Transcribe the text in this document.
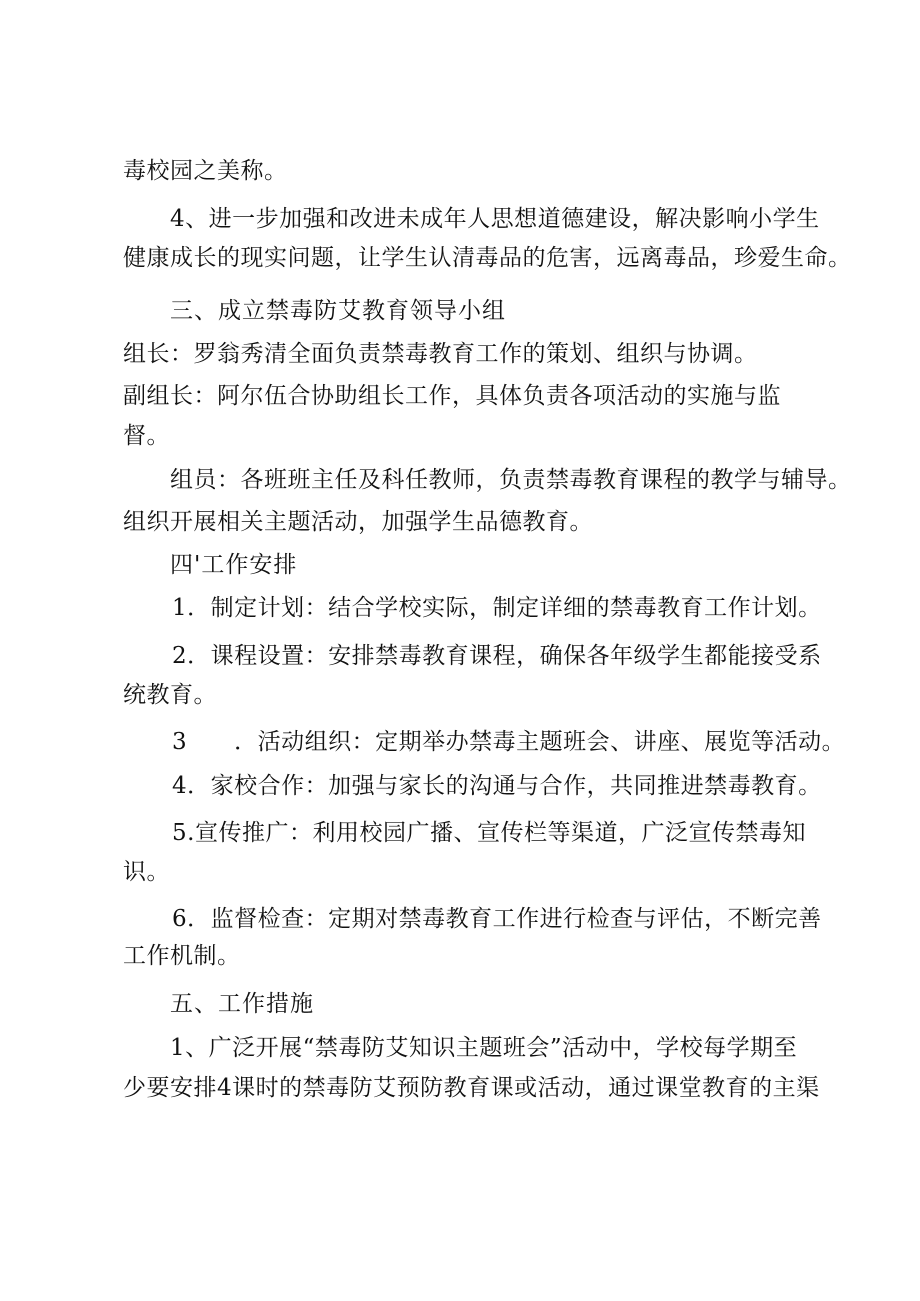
毒校园之美称。
4、进一步加强和改进未成年人思想道德建设，解决影响小学生
健康成长的现实问题，让学生认清毒品的危害，远离毒品，珍爱生命。
三、成立禁毒防艾教育领导小组
组长：罗翁秀清全面负责禁毒教育工作的策划、组织与协调。
副组长：阿尔伍合协助组长工作，具体负责各项活动的实施与监
督。
组员：各班班主任及科任教师，负责禁毒教育课程的教学与辅导。
组织开展相关主题活动，加强学生品德教育。
四'工作安排
1．制定计划：结合学校实际，制定详细的禁毒教育工作计划。
2．课程设置：安排禁毒教育课程，确保各年级学生都能接受系
统教育。
3　　．活动组织：定期举办禁毒主题班会、讲座、展览等活动。
4．家校合作：加强与家长的沟通与合作，共同推进禁毒教育。
5.宣传推广：利用校园广播、宣传栏等渠道，广泛宣传禁毒知
识。
6．监督检查：定期对禁毒教育工作进行检查与评估，不断完善
工作机制。
五、工作措施
1、广泛开展“禁毒防艾知识主题班会”活动中，学校每学期至
少要安排4课时的禁毒防艾预防教育课或活动，通过课堂教育的主渠
